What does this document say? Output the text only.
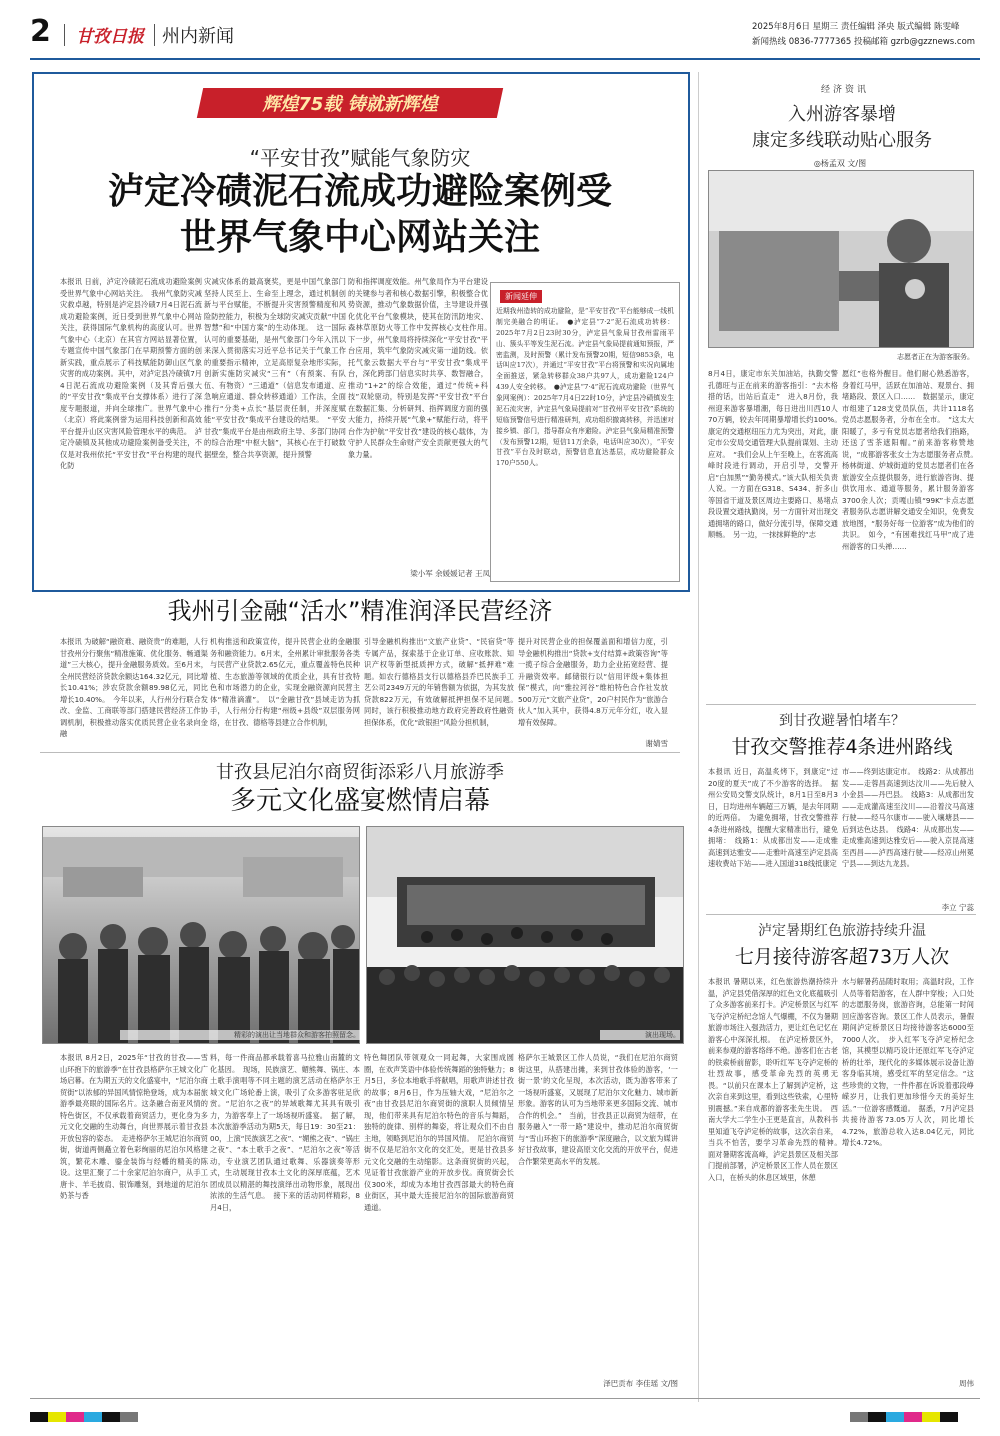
2 甘孜日报 州内新闻	2025年8月6日 星期三 责任编辑 泽央 版式编辑 陈雯峰
新闻热线 0836-7777365 投稿邮箱 gzrb@gzznews.com
辉煌75载 铸就新辉煌
“平安甘孜”赋能气象防灾
泸定冷碛泥石流成功避险案例受
世界气象中心网站关注
本报讯 日前，泸定冷碛泥石流成功避险案例受世界气象中心网站关注。　我州气象防灾减灾救卓越，特别是泸定县冷碛7月4日泥石流成功避险案例，近日受到世界气象中心网站关注，获得国际气象机构的高度认可。世界气象中心（北京）在其官方网站显著位置，专题宣传中国气象部门在早期预警方面的创新实践，重点展示了科技赋能防御山区气象灾害的成功案例。其中，对泸定县冷碛镇7月4日泥石流成功避险案例（及其背后强大的“平安甘孜”集成平台支撑体系）进行了深度专题报道，并向全球推广。世界气象中心（北京）将此案例誉为运用科技创新和高效平台提升山区灾害风险管理水平的典范。　泸定冷碛镇及其他成功避险案例备受关注，不仅是对我州依托“平安甘孜”平台构建的现代化防
灾减灾体系的最高褒奖，更是中国气象部门坚持人民至上、生命至上理念，通过机制创新与平台赋能，不断提升灾害预警精度和风险防控能力，积极为全球防灾减灾贡献“中国智慧”和“中国方案”的生动体现。　这一国际认可的重要基础，是州气象部门今年入汛以来深入贯彻落实习近平总书记关于气象工作的重要指示精神，立足高原复杂地形实际，创新实施防灾减灾“三有”（有预案、有队伍、有物资）“三通道”（信息发布通道、应急响应通道、群众转移通道）工作法，全面推行“分类+点长”基层责任制，并深度赋能“平安甘孜”集成平台建设的结果。　“平安甘孜”集成平台是由州政府主导、多部门协同的综合治理“中枢大脑”，其核心在于打破数据壁垒，整合共享资源，提升预警
防和指挥调度效能。州气象局作为平台建设的关键参与者和核心数据引擎，积极整合优势资源，推动气象数据价值，主导建设并强化优化平台气象模块，使其在防汛防地灾、森林草原防火等工作中发挥核心支柱作用。　下一步，州气象局将持续深化“平安甘孜”平台应用，筑牢气象防灾减灾第一道防线。依托气象云数据大平台与“平安甘孜”集成平台，深化跨部门信息实时共享、数智融合，推动“1+2”的综合效能，通过“传统+科技”双轮驱动，特别是发挥“平安甘孜”平台在数据汇集、分析研判、指挥调度方面的强大能力，持续开展“气象+”赋能行动，将平台作为护航“平安甘孜”建设的核心载体，为守护人民群众生命财产安全贡献更强大的气象力量。
梁小军 余媛媛记者 王凤
新闻延伸
近期我州造转的成功避险，是“平安甘孜”平台能够成一线机制完美融合的明证。　●泸定县“7·2”泥石流成功转移：2025年7月2日23时30分，泸定县气象局甘孜州雷雨平山、簇头平等发生泥石流。泸定县气象局提前通知预报，严密监测，及时预警（累计发布预警20期，短信9853条，电话叫应17次），并通过“平安甘孜”平台将预警和实况向属地全面推送，紧急转移群众38户共97人，成功避险124户439人安全转移。　●泸定县“7·4”泥石流成功避险（世界气象网案例）：2025年7月4日22时10分，泸定县冷碛镇发生泥石流灾害，泸定县气象局提前对“甘孜州平安甘孜”系统的短临预警信号进行精准研判，成功组织撤离转移，并迅速对接乡镇、部门，指导群众有序避险。泸定县气象局精准预警（发布预警12期，短信11万余条，电话叫应30次），“平安甘孜”平台及时联动，预警信息直达基层，成功避险群众170户550人。
我州引金融“活水”精准润泽民营经济
本报讯 为破解“融资难、融资贵”的难题，人行甘孜州分行聚焦“精准施策、优化服务、畅通渠道”三大核心，提升金融服务质效。至6月末，全州民营经济贷款余额达164.32亿元，同比增长10.41%；涉农贷款余额89.98亿元，同比增长10.40%。　今年以来，人行州分行联合发改、金监、工商联等部门搭建民营经济工作协调机制，积极推动落实优质民营企业名录向金融
机构推送和政策宣传，提升民营企业的金融服务和融资能力。6月末，全州累计审批服务各类与民营产业贷款2.65亿元，重点覆盖特色民种植、生态旅游等领域的优质企业，具有甘孜特色和市场潜力的企业，实现金融资源向民营主体“精准滴灌”。　以“金融甘孜”县域走访为抓手，人行州分行构建“州级+县级”双层服务网络，在甘孜、德格等县建立合作机制，
引导金融机构推出“文旅产业贷”、“民宿贷”等专属产品，探索基于企业订单、应收账款、知识产权等新型抵质押方式，破解“抵押难”难题。如农行德格县支行以德格县乔巴民族手工艺公司2349万元的年销售额为依据，为其发放贷款822万元，有效破解抵押担保不足问题。　同时，该行积极推动地方政府完善政府性融资担保体系，优化“政银担”风险分担机制，
提升对民营企业的担保覆盖面和增信力度，引导金融机构推出“贷款+支付结算+政策咨询”等一揽子综合金融服务，助力企业拓宽经营、提升融资效率。邮储银行以“信用评级+集体担保”模式，向“雅拉河谷”维柏特色合作社发放500万元“文旅产业贷”，20户村民作为“旅游合伙人”加入其中，获得4.8万元年分红，收入显增有效保障。
谢婧雪
甘孜县尼泊尔商贸街添彩八月旅游季
多元文化盛宴燃情启幕
精彩的演出让当地群众和游客拍照留念。	演出现场。
本报讯 8月2日，2025年“甘孜的甘孜——雪山环抱下的旅游季”在甘孜县格萨尔王城文化广场启幕。在为期五天的文化盛宴中，“尼泊尔商贸街”以浓郁的异国风情惊艳登场，成为本届旅游季最亮眼的国际名片。这条融合南亚风情的特色街区，不仅承载着商贸活力，更化身为多元文化交融的生动舞台，向世界展示着甘孜县开放包容的姿态。　走进格萨尔王城尼泊尔商贸街，街道两侧矗立着色彩绚丽的尼泊尔风格建筑，繁花木雕、鎏金装饰与经幡的精美的陈设。这里汇聚了二十余家尼泊尔商户，从手工唐卡、羊毛披肩、银饰雕刻，到地道的尼泊尔奶茶与香
料，每一件商品都承载着喜马拉雅山南麓的文化基因。　现场，民族演艺、媚熊舞、锅庄、本土歌手演唱等不同主题的演艺活动在格萨尔王城文化广场轮番上演，吸引了众多游客驻足欣赏。“尼泊尔之夜”的异域歌舞尤其具有吸引力，为游客奉上了一场场视听盛宴。　据了解，本次旅游季活动为期5天，每日19：30至21：00，上演“民族演艺之夜”、“媚熊之夜”、“锅庄之夜”、“本土歌手之夜”、“尼泊尔之夜”等活动，专业演艺团队通过歌舞、乐器演奏等形式，生动展现甘孜本土文化的深厚底蕴，艺术团成员以精湛的舞技演绎出动物形象，展现出浓浓的生活气息。　接下来的活动同样精彩，8月4日，
特色舞团队带领观众一同起舞，大家围成圆圈，在欢声笑语中体验传统舞蹈的独特魅力；8月5日，多位本地歌手将献唱，用歌声讲述甘孜的故事；8月6日，作为压轴大戏，“尼泊尔之夜”由甘孜县尼泊尔商贸街的演职人员倾情呈现，他们带来具有尼泊尔特色的音乐与舞蹈，独特的旋律、别样的舞姿，将让观众们不由自主地，领略到尼泊尔的异国风情。　尼泊尔商贸街不仅是尼泊尔文化的交汇处，更是甘孜县多元文化交融的生动缩影。这条商贸街的兴起，见证着甘孜旅游产业的开放步伐。商贸街会长仪300米，却成为本地甘孜西部最大的特色商业街区，其中最大连接尼泊尔的国际旅游商贸通道。
格萨尔王城景区工作人员说，“我们在尼泊尔商贸街这里，从搭建出摊，来到甘孜体验的游客，‘一街一景’的文化呈现，本次活动，既为游客带来了一场视听盛宴，又展现了尼泊尔文化魅力、城市新形象。游客的认可为当地带来更多国际交流、城市合作的机会。”　当前，甘孜县正以商贸为纽带，在服务融入“一带一路”建设中，推动尼泊尔商贸街与“雪山环抱下的旅游季”深度融合，以文旅为媒讲好甘孜故事，建设高原文化交流的开放平台，促进合作繁荣更高水平的发展。
泽巴贡布 李佳瑶 文/图
经济资讯
入州游客暴增
康定多线联动贴心服务
◎杨孟双 文/图
志愿者正在为游客服务。
8月4日，康定市东关加油站，执勤交警孔德旺与正在前来的游客指引：“去木格措的话，出站后直走”　进入8月份，我州迎来游客暴增潮，每日进出川西10人70万辆，较去年同期暴增增长约100%。　康定的交通枢纽压力尤为突出，对此，康定市公安局交通管理大队提前谋划、主动应对。　“我们会从上午至晚上，在客流高峰时段进行调动，开启引导，交警开启“白加黑”“勤务模式。”该大队相关负责人说。一方面在G318、S434、折多山等国省干道及景区周边主要路口、易堵点段设置交通执勤岗，另一方面针对出现交通拥堵的路口，做好分流引导，保障交通顺畅。　另一边，一抹抹鲜艳的“志
愿红”也格外醒目。他们耐心熟悉游客，身着红马甲，活跃在加油站、观景台、拥堵路段、景区入口……　数据显示，康定市组建了128支党员队伍，共计1118名党员志愿服务者，分布在全市。　“这太大阳暖了，多亏有党员志愿者给我们指路，还送了雪茶遮阳帽。”前来游客称赞地说，“成都游客张女士为志愿服务者点赞。　杨林街道、炉城街道的党员志愿者们在各旅游安全点提供服务，进行旅游咨询、提供饮用水、通道等服务，累计服务游客3700余人次；贡嘎山镇“99K”卡点志愿者服务队志愿讲解交通安全知识，免费发放地图，“服务好每一位游客”成为他们的共识。　如今，“有困难找红马甲”成了进州游客的口头禅……
到甘孜避暑怕堵车？
甘孜交警推荐4条进州路线
本报讯 近日，高温炙烤下，到康定“过20度的夏天”成了不少游客的选择。　据州公安局交警支队统计，8月1日至8月3日，日均进州车辆超三万辆，是去年同期的近两倍。　为避免拥堵，甘孜交警推荐4条进州路线，提醒大家精准出行，避免拥堵：　线路1：从成都出发——走成雅高速到达雅安——走雅叶高速至泸定县高速收费站下站——进入国道318线抵康定
市——终到达康定市。　线路2：从成都出发——走蓉昌高速到达汶川——先后驶入小金县——丹巴县。　线路3：从成都出发——走成灌高速至汶川——沿着汶马高速行驶——经马尔康市——驶入壤塘县——后到达色达县。　线路4：从成都出发——走成雅高速到达雅安后——驶入京昆高速至西昌——泸西高速行驶——经凉山州冕宁县——到达九龙县。
李立 宁蕊
泸定暑期红色旅游持续升温
七月接待游客超73万人次
本报讯 暑期以来，红色旅游热潮持续升温，泸定县凭借深厚的红色文化底蕴吸引了众多游客前来打卡。泸定桥景区与红军飞夺泸定桥纪念馆人气爆棚，不仅为暑期旅游市场注入强劲活力，更让红色记忆在游客心中深深扎根。　在泸定桥景区外，前来参观的游客络绎不绝。游客们在古老的铁索桥前留影，聆听红军飞夺泸定桥的壮烈故事，感受革命先烈的英勇无畏。“以前只在课本上了解到泸定桥，这次亲自来到这里，看到这些铁索，心里特别震撼。”来自成都的游客张先生说。　西南大学大二学生小王更是直言，从教科书里知道飞夺泸定桥的故事，这次亲自来，当兵不怕苦，要学习革命先烈的精神。　面对暑期客流高峰，泸定县景区及相关部门提前部署，泸定桥景区工作人员在景区入口，在桥头的休息区域里，休憩
水与解暑药品随时取用；高温时段，工作人员等着陪游客，在人群中穿梭；入口处的志愿服务岗，旅游咨询，总能第一时间回应游客咨询。景区工作人员表示，暑假期间泸定桥景区日均接待游客达6000至7000人次。　步入红军飞夺泸定桥纪念馆，其模型以精巧设计还原红军飞夺泸定桥的壮举，现代化的多媒体展示设备让游客身临其境，感受红军的坚定信念。“这些珍贵的文物，一件件都在诉说着那段峥嵘岁月，让我们更加珍惜今天的美好生活。”一位游客感慨道。　据悉，7月泸定县共接待游客73.05万人次，同比增长4.72%，旅游总收入达8.04亿元，同比增长4.72%。
周伟
